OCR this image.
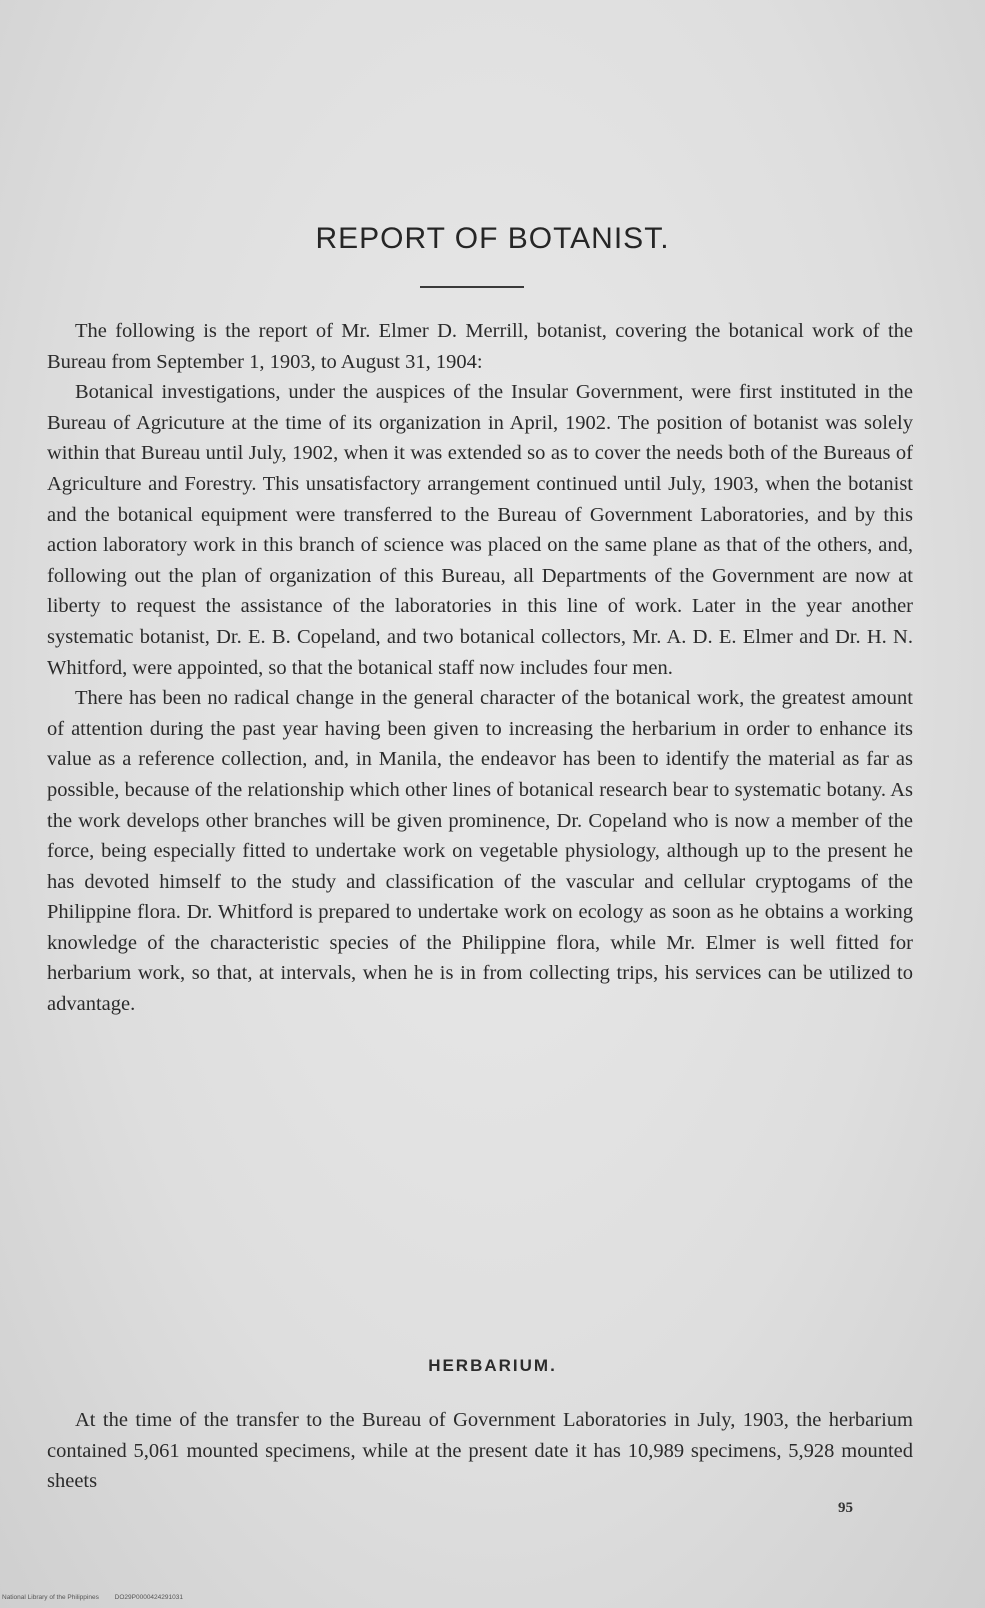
REPORT OF BOTANIST.

The following is the report of Mr. Elmer D. Merrill, botanist, covering the botanical work of the Bureau from September 1, 1903, to August 31, 1904:

Botanical investigations, under the auspices of the Insular Government, were first instituted in the Bureau of Agricuture at the time of its organization in April, 1902. The position of botanist was solely within that Bureau until July, 1902, when it was extended so as to cover the needs both of the Bureaus of Agriculture and Forestry. This unsatisfactory arrangement continued until July, 1903, when the botanist and the botanical equipment were transferred to the Bureau of Government Laboratories, and by this action laboratory work in this branch of science was placed on the same plane as that of the others, and, following out the plan of organization of this Bureau, all Departments of the Government are now at liberty to request the assistance of the laboratories in this line of work. Later in the year another systematic botanist, Dr. E. B. Copeland, and two botanical collectors, Mr. A. D. E. Elmer and Dr. H. N. Whitford, were appointed, so that the botanical staff now includes four men.

There has been no radical change in the general character of the botanical work, the greatest amount of attention during the past year having been given to increasing the herbarium in order to enhance its value as a reference collection, and, in Manila, the endeavor has been to identify the material as far as possible, because of the relationship which other lines of botanical research bear to systematic botany. As the work develops other branches will be given prominence, Dr. Copeland who is now a member of the force, being especially fitted to undertake work on vegetable physiology, although up to the present he has devoted himself to the study and classification of the vascular and cellular cryptogams of the Philippine flora. Dr. Whitford is prepared to undertake work on ecology as soon as he obtains a working knowledge of the characteristic species of the Philippine flora, while Mr. Elmer is well fitted for herbarium work, so that, at intervals, when he is in from collecting trips, his services can be utilized to advantage.

HERBARIUM.

At the time of the transfer to the Bureau of Government Laboratories in July, 1903, the herbarium contained 5,061 mounted specimens, while at the present date it has 10,989 specimens, 5,928 mounted sheets

95
National Library of the Philippines DO29P0000424291031
